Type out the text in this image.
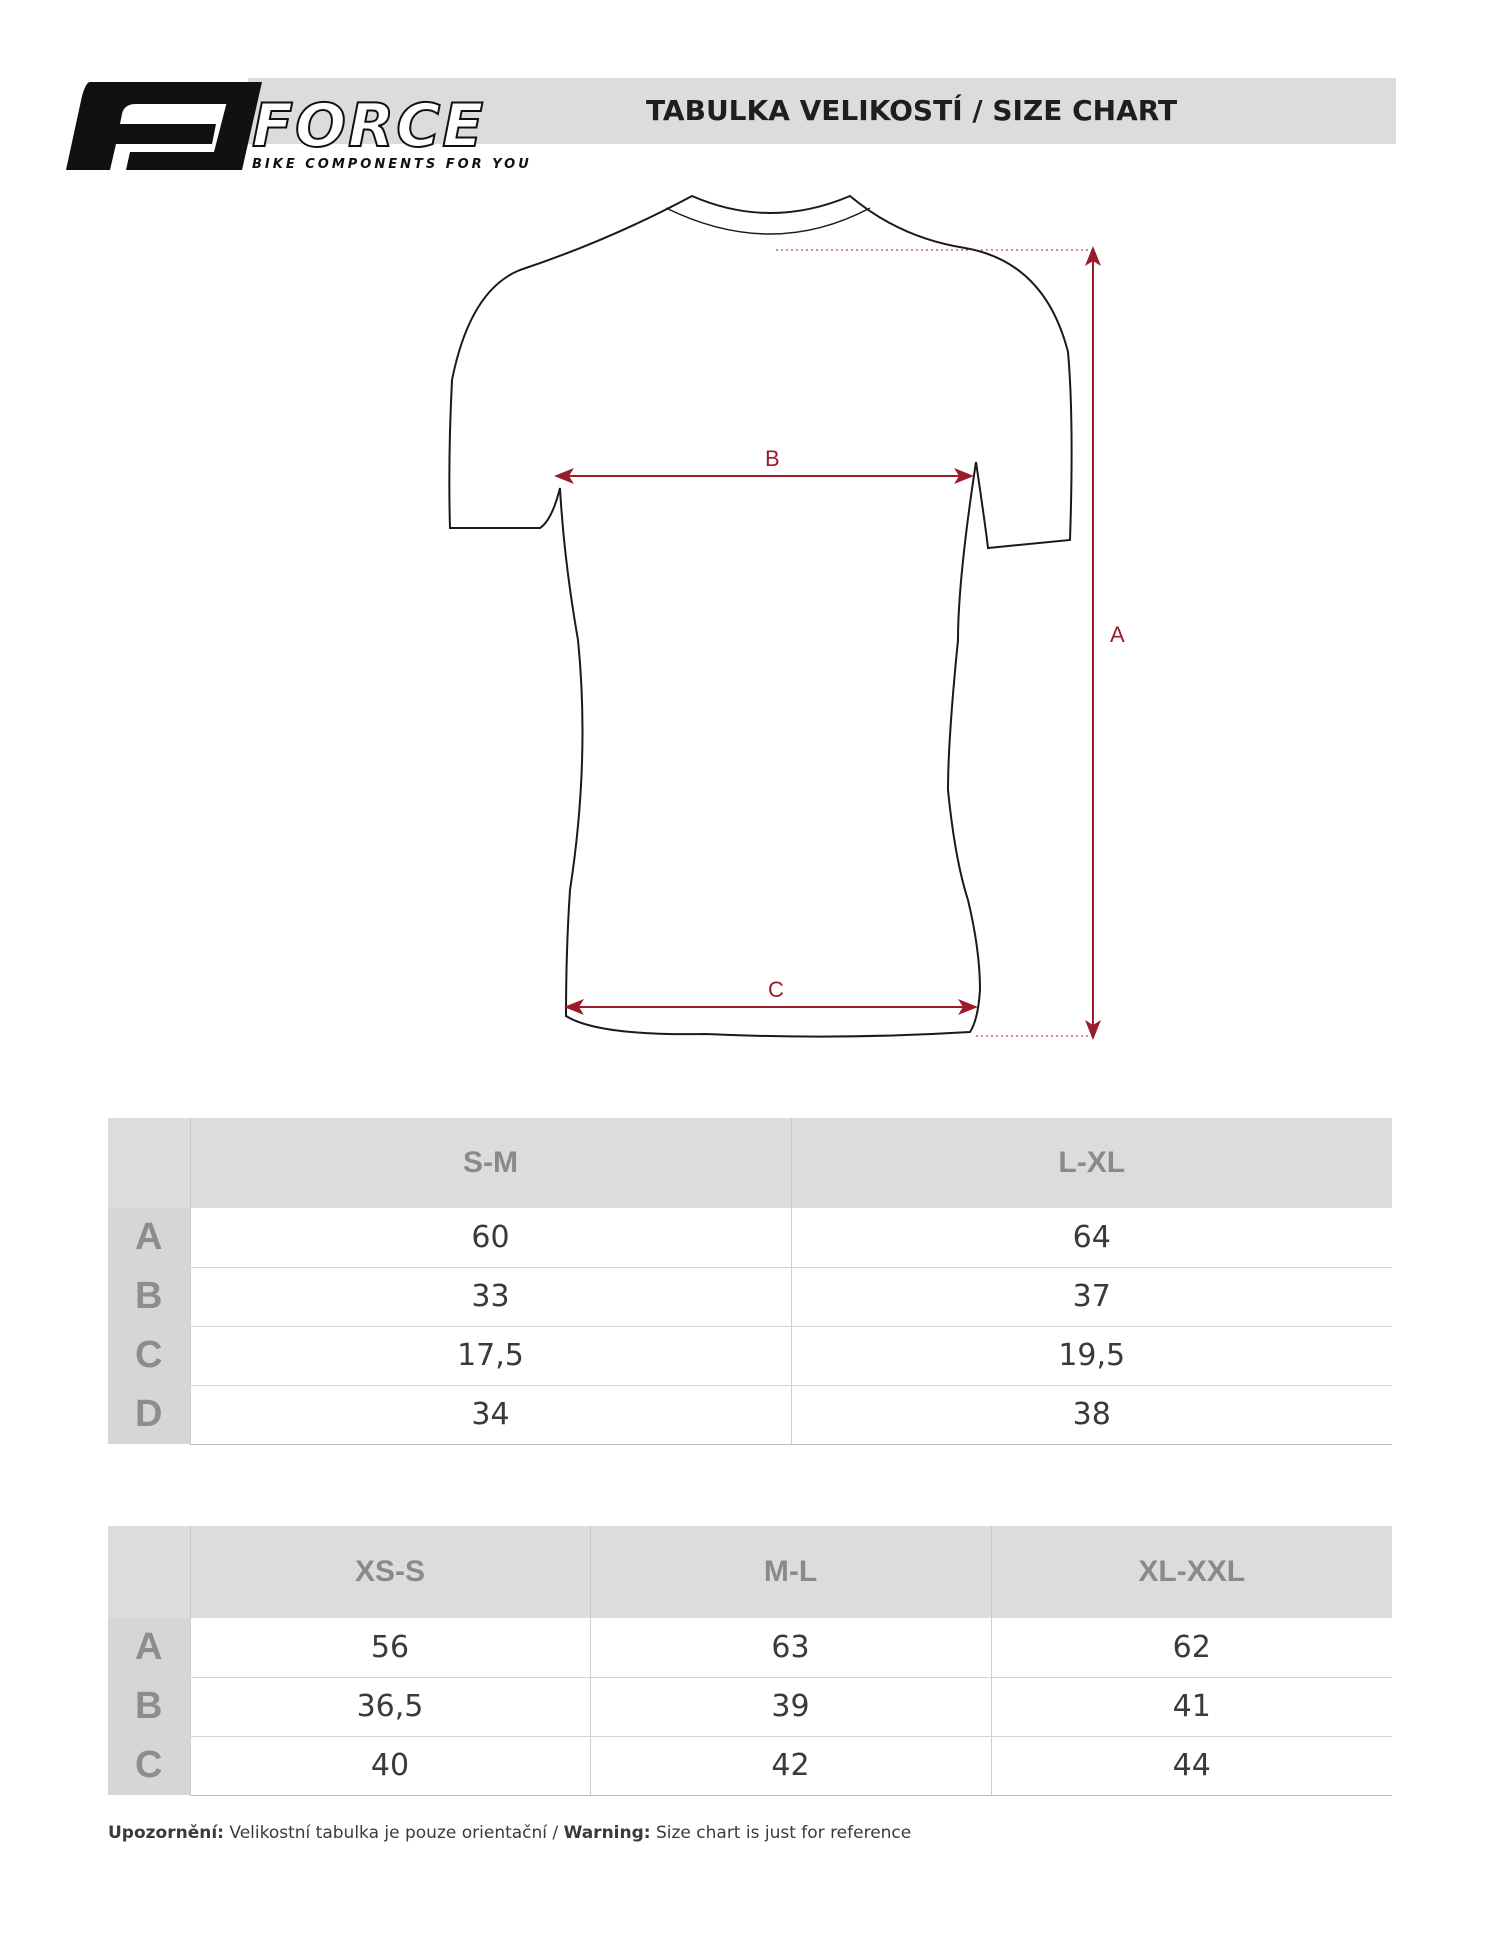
FORCE
BIKE COMPONENTS FOR YOU
TABULKA VELIKOSTÍ / SIZE CHART
B
A
C
	S-M	L-XL
A	60	64
B	33	37
C	17,5	19,5
D	34	38
	XS-S	M-L	XL-XXL
A	56	63	62
B	36,5	39	41
C	40	42	44
Upozornění: Velikostní tabulka je pouze orientační / Warning: Size chart is just for reference
